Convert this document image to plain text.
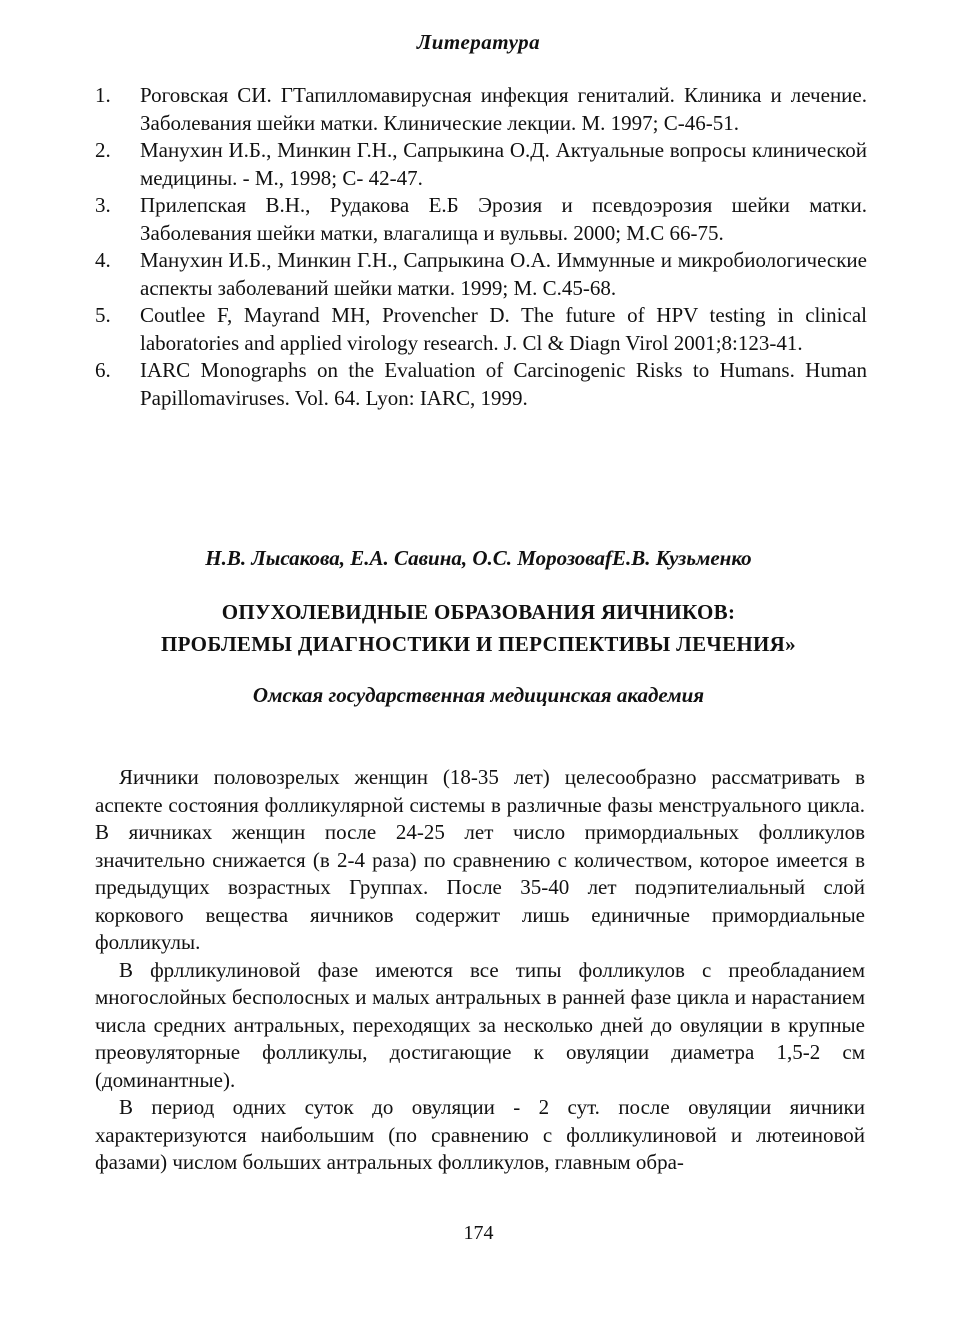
Литература
1.	Роговская СИ. ГТапилломавирусная инфекция гениталий. Клиника и лечение. Заболевания шейки матки. Клинические лекции. М. 1997; С-46-51.
2.	Манухин И.Б., Минкин Г.Н., Сапрыкина О.Д. Актуальные вопросы клинической медицины. - М., 1998; С- 42-47.
3.	Прилепская В.Н., Рудакова Е.Б Эрозия и псевдоэрозия шейки матки. Заболевания шейки матки, влагалища и вульвы. 2000; М.С 66-75.
4.	Манухин И.Б., Минкин Г.Н., Сапрыкина О.А. Иммунные и микробиологические аспекты заболеваний шейки матки. 1999; М. С.45-68.
5.	Coutlee F, Mayrand MH, Provencher D. The future of HPV testing in clinical laboratories and applied virology research. J. Cl & Diagn Virol 2001;8:123-41.
6.	IARC Monographs on the Evaluation of Carcinogenic Risks to Humans. Human Papillomaviruses. Vol. 64. Lyon: IARC, 1999.
Н.В. Лысакова, Е.А. Савина, О.С. МорозоваfЕ.В. Кузьменко
ОПУХОЛЕВИДНЫЕ ОБРАЗОВАНИЯ ЯИЧНИКОВ:
ПРОБЛЕМЫ ДИАГНОСТИКИ И ПЕРСПЕКТИВЫ ЛЕЧЕНИЯ»
Омская государственная медицинская академия

Яичники половозрелых женщин (18-35 лет) целесообразно рассматривать в аспекте состояния фолликулярной системы в различные фазы менструального цикла. В яичниках женщин после 24-25 лет число примордиальных фолликулов значительно снижается (в 2-4 раза) по сравнению с количеством, которое имеется в предыдущих возрастных Группах. После 35-40 лет подэпителиальный слой коркового вещества яичников содержит лишь единичные примордиальные фолликулы.

В фрлликулиновой фазе имеются все типы фолликулов с преобладанием многослойных бесполосных и малых антральных в ранней фазе цикла и нарастанием числа средних антральных, переходящих за несколько дней до овуляции в крупные преовуляторные фолликулы, достигающие к овуляции диаметра 1,5-2 см (доминантные).

В период одних суток до овуляции - 2 сут. после овуляции яичники характеризуются наибольшим (по сравнению с фолликулиновой и лютеиновой фазами) числом больших антральных фолликулов, главным обра-

174
